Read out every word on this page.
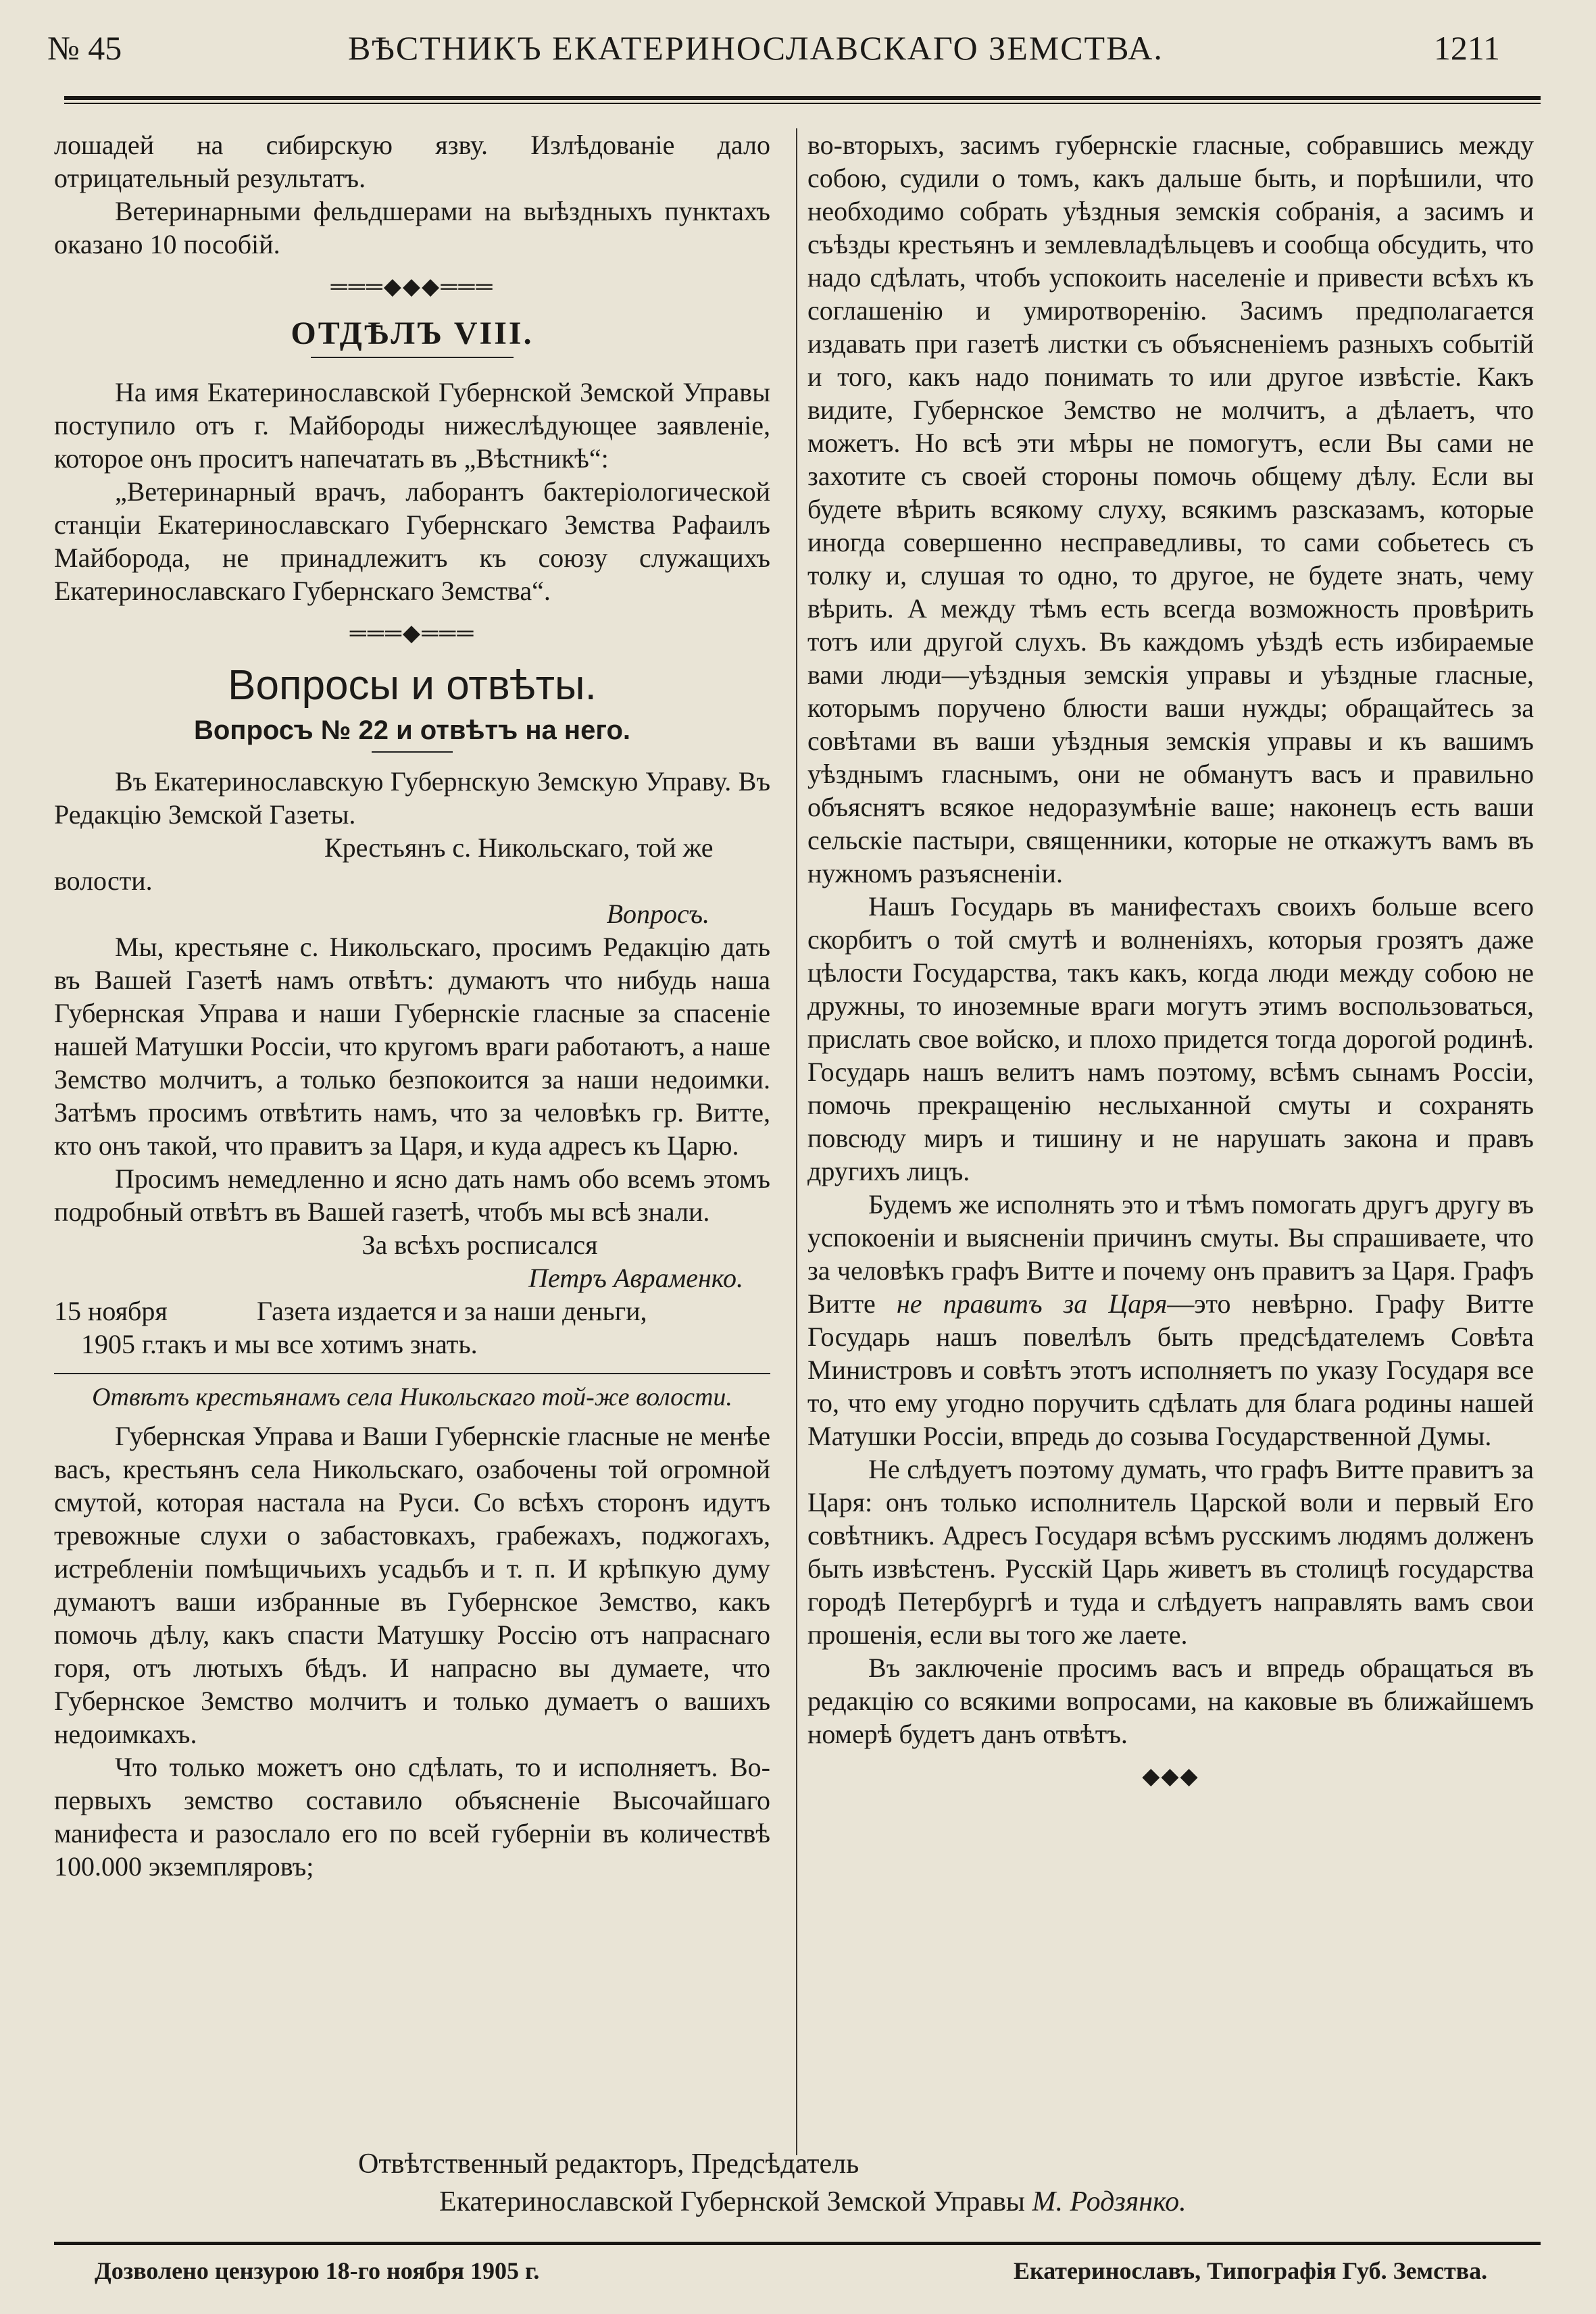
№ 45	ВѢСТНИКЪ ЕКАТЕРИНОСЛАВСКАГО ЗЕМСТВА.	1211

лошадей на сибирскую язву. Излѣдованіе дало отрицательный результатъ.

Ветеринарными фельдшерами на выѣздныхъ пунктахъ оказано 10 пособій.

═══◆◆◆═══
ОТДѢЛЪ VIII.

На имя Екатеринославской Губернской Земской Управы поступило отъ г. Майбороды нижеслѣдующее заявленіе, которое онъ проситъ напечатать въ „Вѣстникѣ“:

„Ветеринарный врачъ, лаборантъ бактеріологической станціи Екатеринославскаго Губернскаго Земства Рафаилъ Майборода, не принадлежитъ къ союзу служащихъ Екатеринославскаго Губернскаго Земства“.

═══◆═══
Вопросы и отвѣты.
Вопросъ № 22 и отвѣтъ на него.

Въ Екатеринославскую Губернскую Земскую Управу. Въ Редакцію Земской Газеты.

Крестьянъ с. Никольскаго, той же волости.

Вопросъ.

Мы, крестьяне с. Никольскаго, просимъ Редакцію дать въ Вашей Газетѣ намъ отвѣтъ: думаютъ что нибудь наша Губернская Управа и наши Губернскіе гласные за спасеніе нашей Матушки Россіи, что кругомъ враги работаютъ, а наше Земство молчитъ, а только безпокоится за наши недоимки. Затѣмъ просимъ отвѣтить намъ, что за человѣкъ гр. Витте, кто онъ такой, что правитъ за Царя, и куда адресъ къ Царю.

Просимъ немедленно и ясно дать намъ обо всемъ этомъ подробный отвѣтъ въ Вашей газетѣ, чтобъ мы всѣ знали.

За всѣхъ росписался

Петръ Авраменко.

15 ноября	Газета издается и за наши деньги,
1905 г.
такъ и мы все хотимъ знать.
Отвѣтъ крестьянамъ села Никольскаго той-же волости.

Губернская Управа и Ваши Губернскіе гласные не менѣе васъ, крестьянъ села Никольскаго, озабочены той огромной смутой, которая настала на Руси. Со всѣхъ сторонъ идутъ тревожные слухи о забастовкахъ, грабежахъ, поджогахъ, истребленіи помѣщичьихъ усадьбъ и т. п. И крѣпкую думу думаютъ ваши избранные въ Губернское Земство, какъ помочь дѣлу, какъ спасти Матушку Россію отъ напраснаго горя, отъ лютыхъ бѣдъ. И напрасно вы думаете, что Губернское Земство молчитъ и только думаетъ о вашихъ недоимкахъ.

Что только можетъ оно сдѣлать, то и исполняетъ. Во-первыхъ земство составило объясненіе Высочайшаго манифеста и разослало его по всей губерніи въ количествѣ 100.000 экземпляровъ;

во-вторыхъ, засимъ губернскіе гласные, собравшись между собою, судили о томъ, какъ дальше быть, и порѣшили, что необходимо собрать уѣздныя земскія собранія, а засимъ и съѣзды крестьянъ и землевладѣльцевъ и сообща обсудить, что надо сдѣлать, чтобъ успокоить населеніе и привести всѣхъ къ соглашенію и умиротворенію. Засимъ предполагается издавать при газетѣ листки съ объясненіемъ разныхъ событій и того, какъ надо понимать то или другое извѣстіе. Какъ видите, Губернское Земство не молчитъ, а дѣлаетъ, что можетъ. Но всѣ эти мѣры не помогутъ, если Вы сами не захотите съ своей стороны помочь общему дѣлу. Если вы будете вѣрить всякому слуху, всякимъ разсказамъ, которые иногда совершенно несправедливы, то сами собьетесь съ толку и, слушая то одно, то другое, не будете знать, чему вѣрить. А между тѣмъ есть всегда возможность провѣрить тотъ или другой слухъ. Въ каждомъ уѣздѣ есть избираемые вами люди—уѣздныя земскія управы и уѣздные гласные, которымъ поручено блюсти ваши нужды; обращайтесь за совѣтами въ ваши уѣздныя земскія управы и къ вашимъ уѣзднымъ гласнымъ, они не обманутъ васъ и правильно объяснятъ всякое недоразумѣніе ваше; наконецъ есть ваши сельскіе пастыри, священники, которые не откажутъ вамъ въ нужномъ разъясненіи.

Нашъ Государь въ манифестахъ своихъ больше всего скорбитъ о той смутѣ и волненіяхъ, которыя грозятъ даже цѣлости Государства, такъ какъ, когда люди между собою не дружны, то иноземные враги могутъ этимъ воспользоваться, прислать свое войско, и плохо придется тогда дорогой родинѣ. Государь нашъ велитъ намъ поэтому, всѣмъ сынамъ Россіи, помочь прекращенію неслыханной смуты и сохранять повсюду миръ и тишину и не нарушать закона и правъ другихъ лицъ.

Будемъ же исполнять это и тѣмъ помогать другъ другу въ успокоеніи и выясненіи причинъ смуты. Вы спрашиваете, что за человѣкъ графъ Витте и почему онъ правитъ за Царя. Графъ Витте не правитъ за Царя—это невѣрно. Графу Витте Государь нашъ повелѣлъ быть предсѣдателемъ Совѣта Министровъ и совѣтъ этотъ исполняетъ по указу Государя все то, что ему угодно поручить сдѣлать для блага родины нашей Матушки Россіи, впредь до созыва Государственной Думы.

Не слѣдуетъ поэтому думать, что графъ Витте правитъ за Царя: онъ только исполнитель Царской воли и первый Его совѣтникъ. Адресъ Государя всѣмъ русскимъ людямъ долженъ быть извѣстенъ. Русскій Царь живетъ въ столицѣ государства городѣ Петербургѣ и туда и слѣдуетъ направлять вамъ свои прошенія, если вы того же лаетe.

Въ заключеніе просимъ васъ и впредь обращаться въ редакцію со всякими вопросами, на каковые въ ближайшемъ номерѣ будетъ данъ отвѣтъ.

◆◆◆
Отвѣтственный редакторъ, Предсѣдатель
Екатеринославской Губернской Земской Управы М. Родзянко.
Дозволено цензурою 18-го ноября 1905 г.	Екатеринославъ, Типографія Губ. Земства.
